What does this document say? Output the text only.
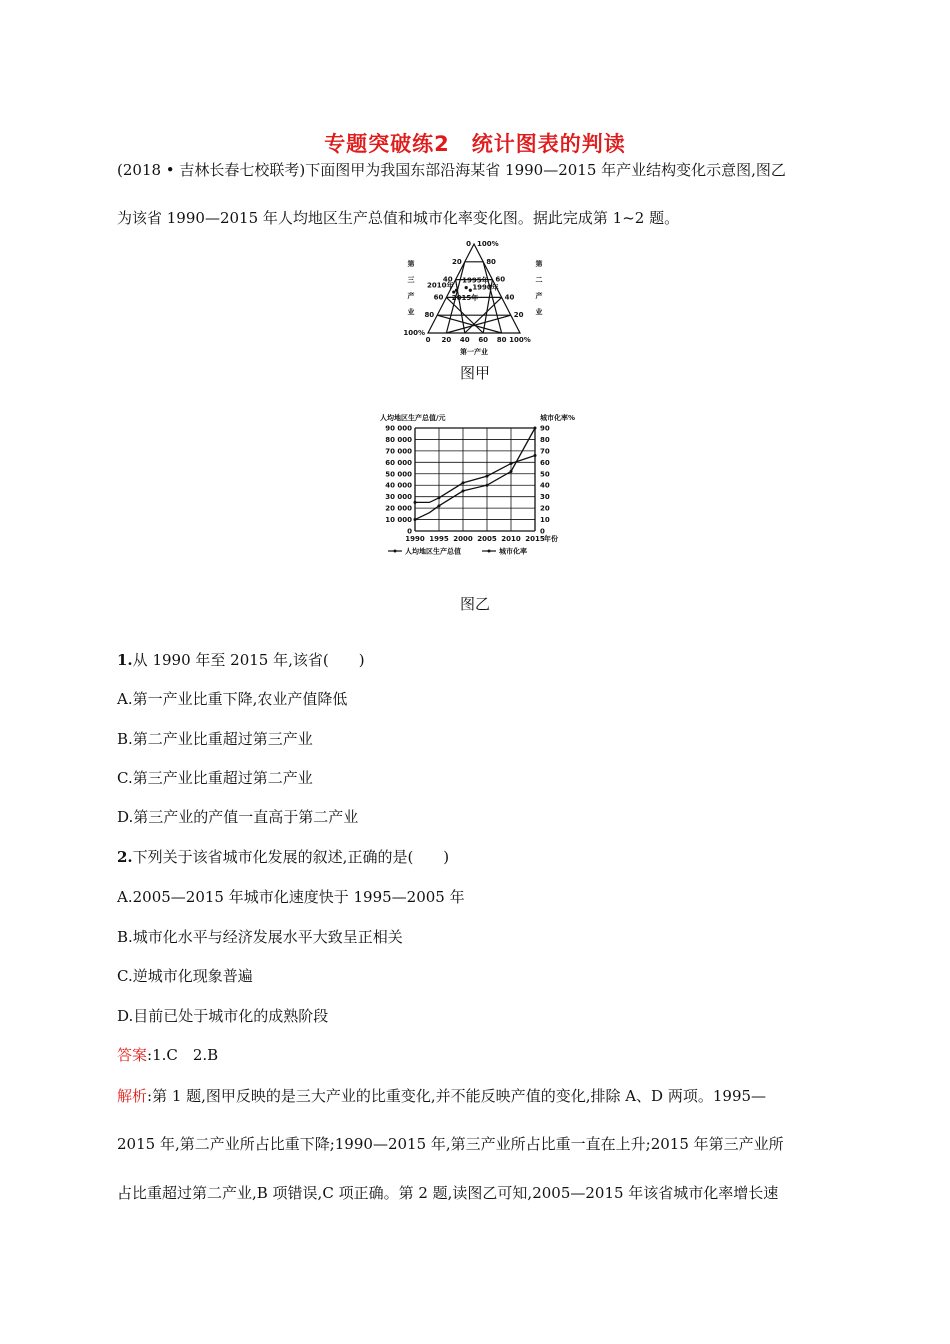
专题突破练2　统计图表的判读
(2018 • 吉林长春七校联考)下面图甲为我国东部沿海某省 1990—2015 年产业结构变化示意图,图乙
为该省 1990—2015 年人均地区生产总值和城市化率变化图。据此完成第 1~2 题。
0 20 40 60 80 100%
0
20
40
60
80
100%
100%
80
60
40
20
第
三
产
业
第
二
产
业
第一产业
1990年
1995年
2010年
2015年
图甲
0	0
10 000	10
20 000	20
30 000	30
40 000	40
50 000	50
60 000	60
70 000	70
80 000	80
90 000	90
1990 1995 2000 2005 2010 2015 年份
人均地区生产总值/元	城市化率%
人均地区生产总值	城市化率
图乙
1.从 1990 年至 2015 年,该省(　　)
A.第一产业比重下降,农业产值降低
B.第二产业比重超过第三产业
C.第三产业比重超过第二产业
D.第三产业的产值一直高于第二产业
2.下列关于该省城市化发展的叙述,正确的是(　　)
A.2005—2015 年城市化速度快于 1995—2005 年
B.城市化水平与经济发展水平大致呈正相关
C.逆城市化现象普遍
D.目前已处于城市化的成熟阶段
答案:1.C　2.B
解析:第 1 题,图甲反映的是三大产业的比重变化,并不能反映产值的变化,排除 A、D 两项。1995—
2015 年,第二产业所占比重下降;1990—2015 年,第三产业所占比重一直在上升;2015 年第三产业所
占比重超过第二产业,B 项错误,C 项正确。第 2 题,读图乙可知,2005—2015 年该省城市化率增长速
